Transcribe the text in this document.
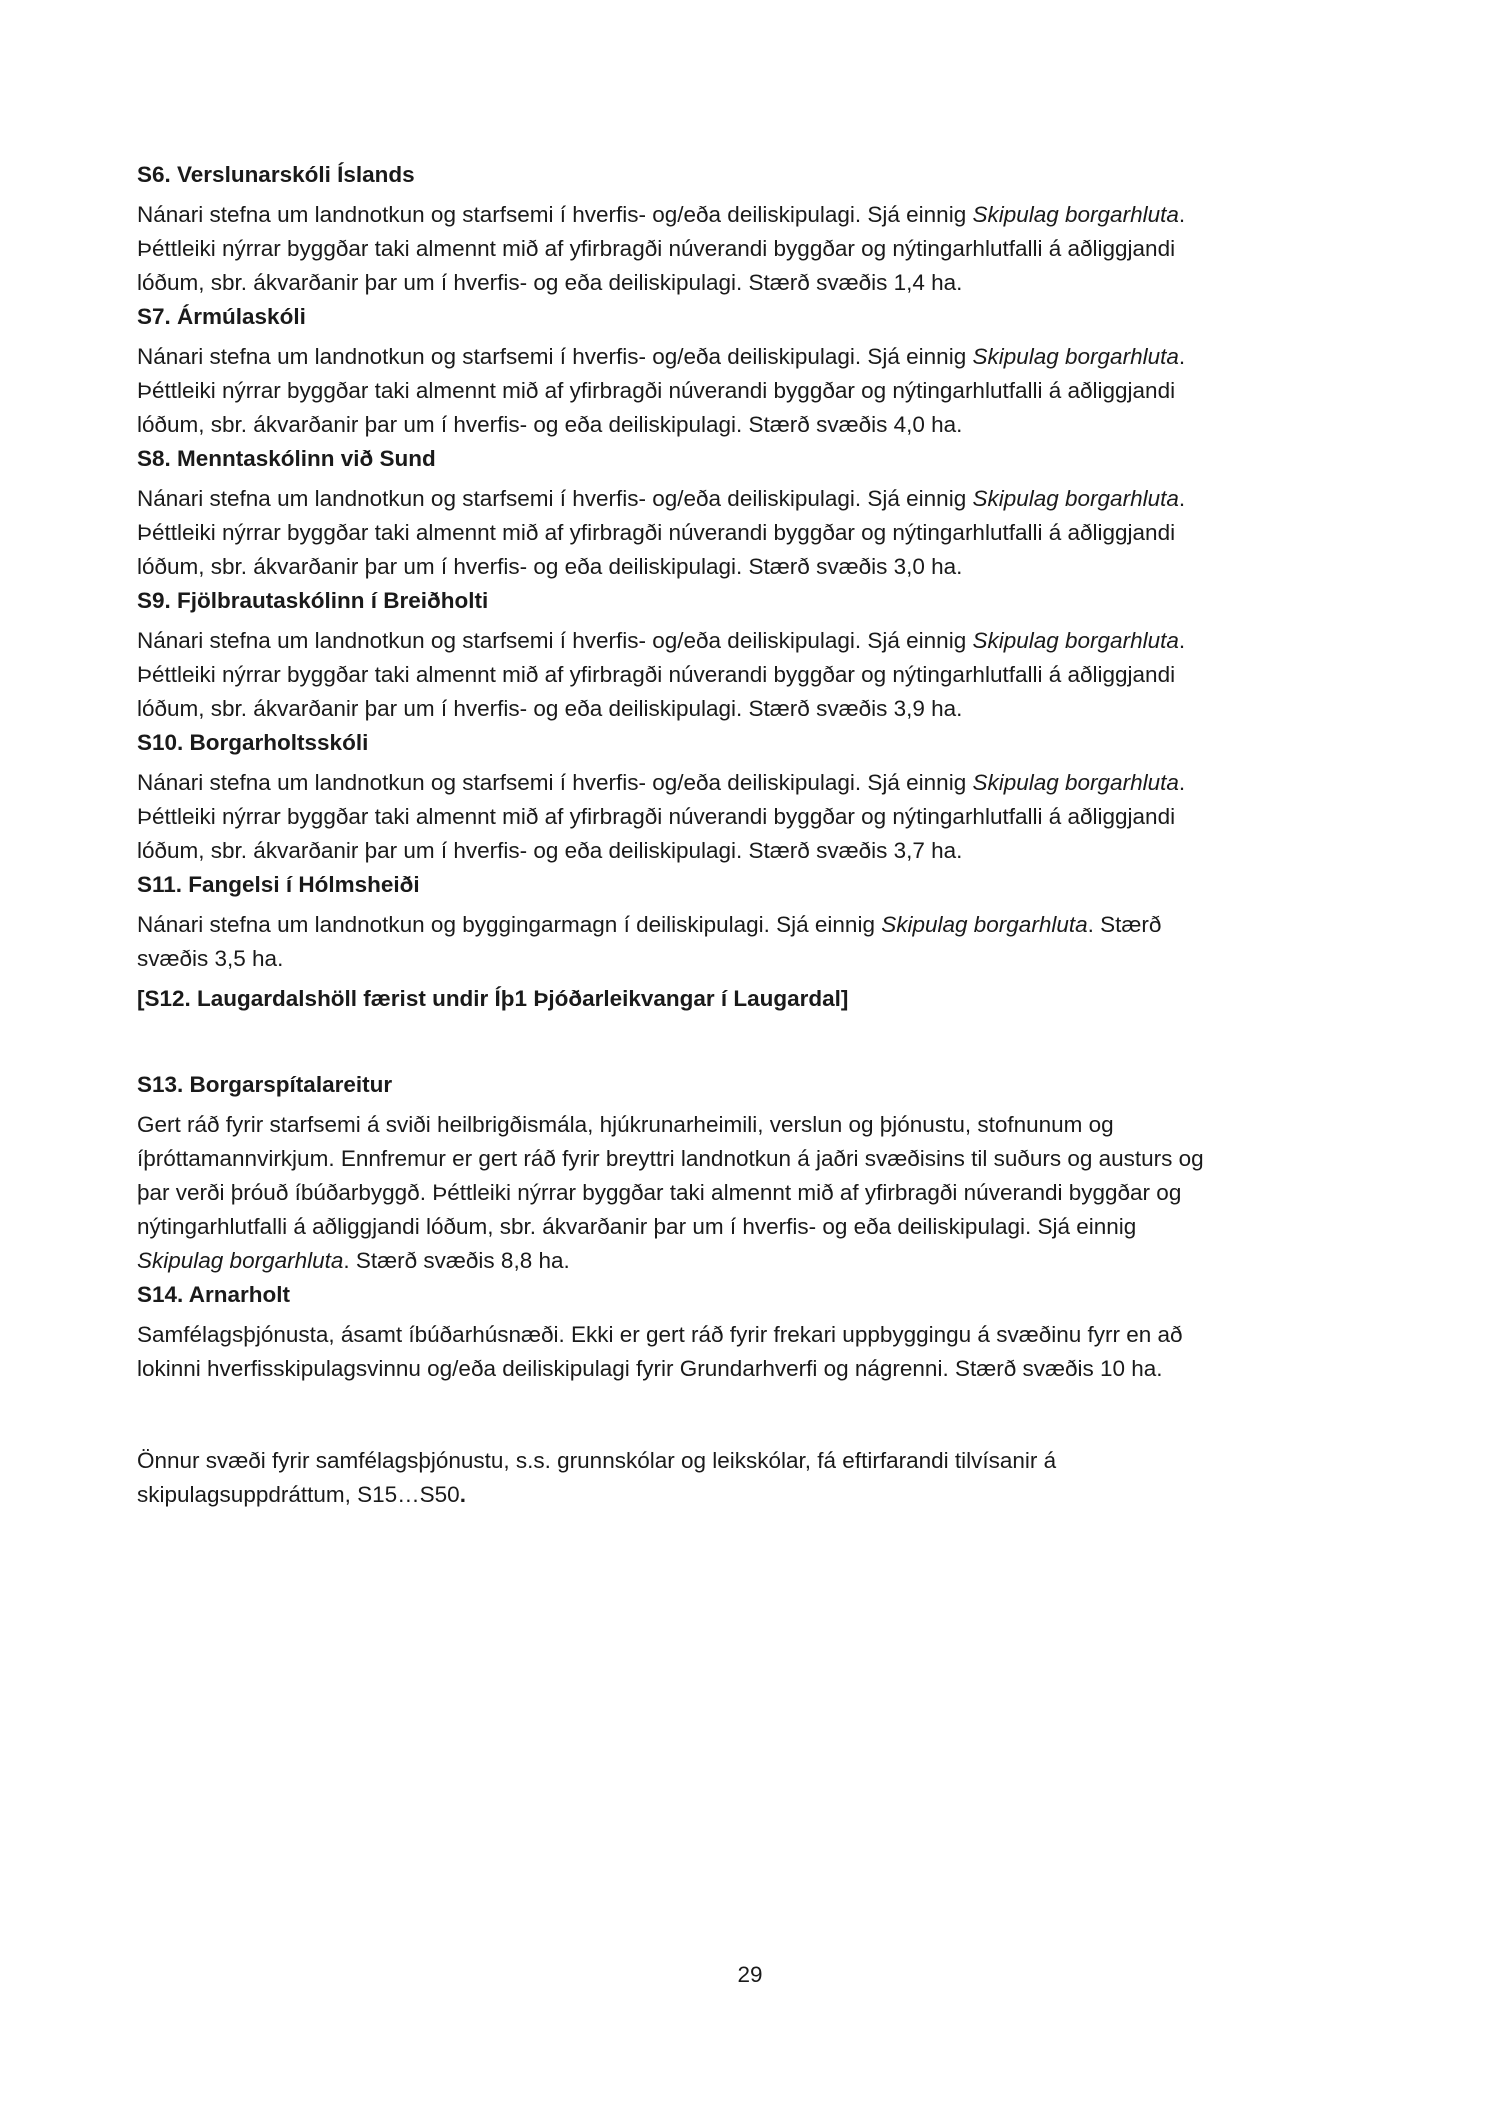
S6. Verslunarskóli Íslands

Nánari stefna um landnotkun og starfsemi í hverfis- og/eða deiliskipulagi. Sjá einnig Skipulag borgarhluta.
Þéttleiki nýrrar byggðar taki almennt mið af yfirbragði núverandi byggðar og nýtingarhlutfalli á aðliggjandi
lóðum, sbr. ákvarðanir þar um í hverfis- og eða deiliskipulagi. Stærð svæðis 1,4 ha.

S7. Ármúlaskóli

Nánari stefna um landnotkun og starfsemi í hverfis- og/eða deiliskipulagi. Sjá einnig Skipulag borgarhluta.
Þéttleiki nýrrar byggðar taki almennt mið af yfirbragði núverandi byggðar og nýtingarhlutfalli á aðliggjandi
lóðum, sbr. ákvarðanir þar um í hverfis- og eða deiliskipulagi. Stærð svæðis 4,0 ha.

S8. Menntaskólinn við Sund

Nánari stefna um landnotkun og starfsemi í hverfis- og/eða deiliskipulagi. Sjá einnig Skipulag borgarhluta.
Þéttleiki nýrrar byggðar taki almennt mið af yfirbragði núverandi byggðar og nýtingarhlutfalli á aðliggjandi
lóðum, sbr. ákvarðanir þar um í hverfis- og eða deiliskipulagi. Stærð svæðis 3,0 ha.

S9. Fjölbrautaskólinn í Breiðholti

Nánari stefna um landnotkun og starfsemi í hverfis- og/eða deiliskipulagi. Sjá einnig Skipulag borgarhluta.
Þéttleiki nýrrar byggðar taki almennt mið af yfirbragði núverandi byggðar og nýtingarhlutfalli á aðliggjandi
lóðum, sbr. ákvarðanir þar um í hverfis- og eða deiliskipulagi. Stærð svæðis 3,9 ha.

S10. Borgarholtsskóli

Nánari stefna um landnotkun og starfsemi í hverfis- og/eða deiliskipulagi. Sjá einnig Skipulag borgarhluta.
Þéttleiki nýrrar byggðar taki almennt mið af yfirbragði núverandi byggðar og nýtingarhlutfalli á aðliggjandi
lóðum, sbr. ákvarðanir þar um í hverfis- og eða deiliskipulagi. Stærð svæðis 3,7 ha.

S11. Fangelsi í Hólmsheiði

Nánari stefna um landnotkun og byggingarmagn í deiliskipulagi. Sjá einnig Skipulag borgarhluta. Stærð
svæðis 3,5 ha.

[S12. Laugardalshöll færist undir Íþ1 Þjóðarleikvangar í Laugardal]

S13. Borgarspítalareitur

Gert ráð fyrir starfsemi á sviði heilbrigðismála, hjúkrunarheimili, verslun og þjónustu, stofnunum og
íþróttamannvirkjum. Ennfremur er gert ráð fyrir breyttri landnotkun á jaðri svæðisins til suðurs og austurs og
þar verði þróuð íbúðarbyggð. Þéttleiki nýrrar byggðar taki almennt mið af yfirbragði núverandi byggðar og
nýtingarhlutfalli á aðliggjandi lóðum, sbr. ákvarðanir þar um í hverfis- og eða deiliskipulagi. Sjá einnig
Skipulag borgarhluta. Stærð svæðis 8,8 ha.

S14. Arnarholt

Samfélagsþjónusta, ásamt íbúðarhúsnæði. Ekki er gert ráð fyrir frekari uppbyggingu á svæðinu fyrr en að
lokinni hverfisskipulagsvinnu og/eða deiliskipulagi fyrir Grundarhverfi og nágrenni. Stærð svæðis 10 ha.

Önnur svæði fyrir samfélagsþjónustu, s.s. grunnskólar og leikskólar, fá eftirfarandi tilvísanir á
skipulagsuppdráttum, S15…S50.

29
